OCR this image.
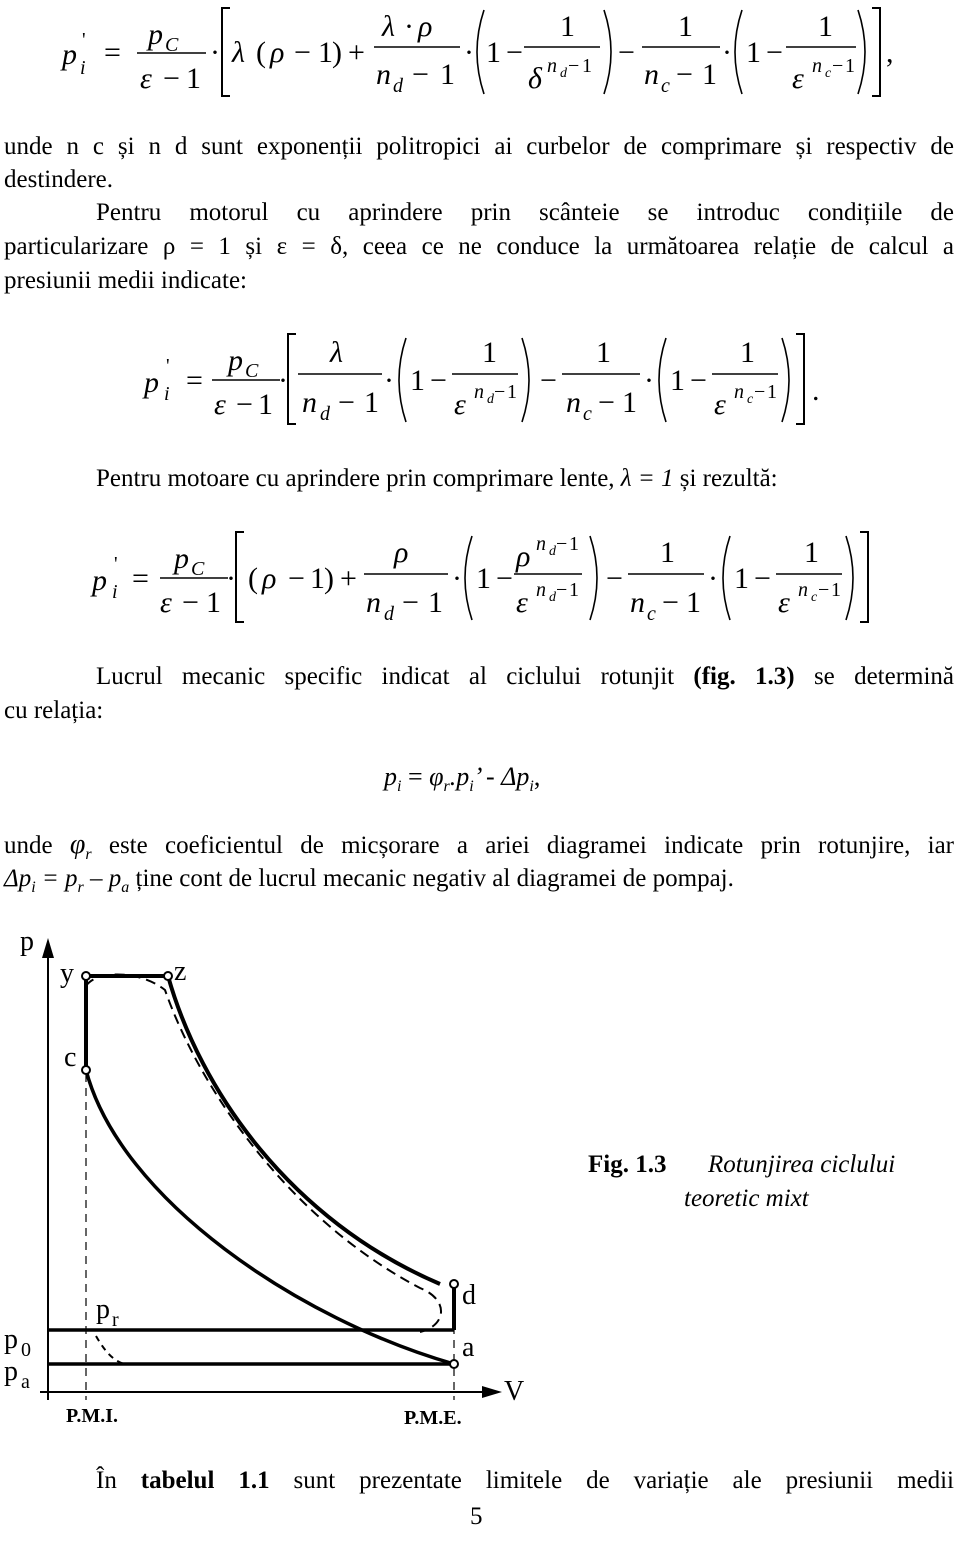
p i
' =
p C
ε − 1
· λ ( ρ − 1 ) +
λ · ρ
n d − 1
· 1 −
1
δ n d − 1 −
1
n c − 1
· 1 −
1
ε n c − 1 ,
unde n c și n d sunt exponenții politropici ai curbelor de comprimare și respectiv de
destindere.
Pentru motorul cu aprindere prin scânteie se introduc condițiile de
particularizare ρ = 1 și ε = δ, ceea ce ne conduce la următoarea relație de calcul a
presiunii medii indicate:
p i
' =
p C
ε − 1
·
λ
n d − 1
· 1 −
1
ε n d − 1 −
1
n c − 1
· 1 −
1
ε n c − 1 .
p i
' =
p C
ε − 1
· ( ρ − 1 ) +
ρ
n d − 1
· 1 −
ρ n d − 1
ε n d − 1 −
1
n c − 1
· 1 −
1
ε n c − 1
p
V
y	z
c
d
a
p r
p 0
p a
P.M.I.	P.M.E.
Fig. 1.3 Rotunjirea ciclului
teoretic mixt
Pentru motoare cu aprindere prin comprimare lente, λ = 1 și rezultă:
Lucrul mecanic specific indicat al ciclului rotunjit (fig. 1.3) se determină
cu relația:
$p_i = \varphi_r.p_i$’ - $\Delta p_i$,
unde $\varphi_r$ este coeficientul de micșorare a ariei diagramei indicate prin rotunjire, iar
$\Delta p_i = p_r - p_a$ ține cont de lucrul mecanic negativ al diagramei de pompaj.
În tabelul 1.1 sunt prezentate limitele de variație ale presiunii medii
5
